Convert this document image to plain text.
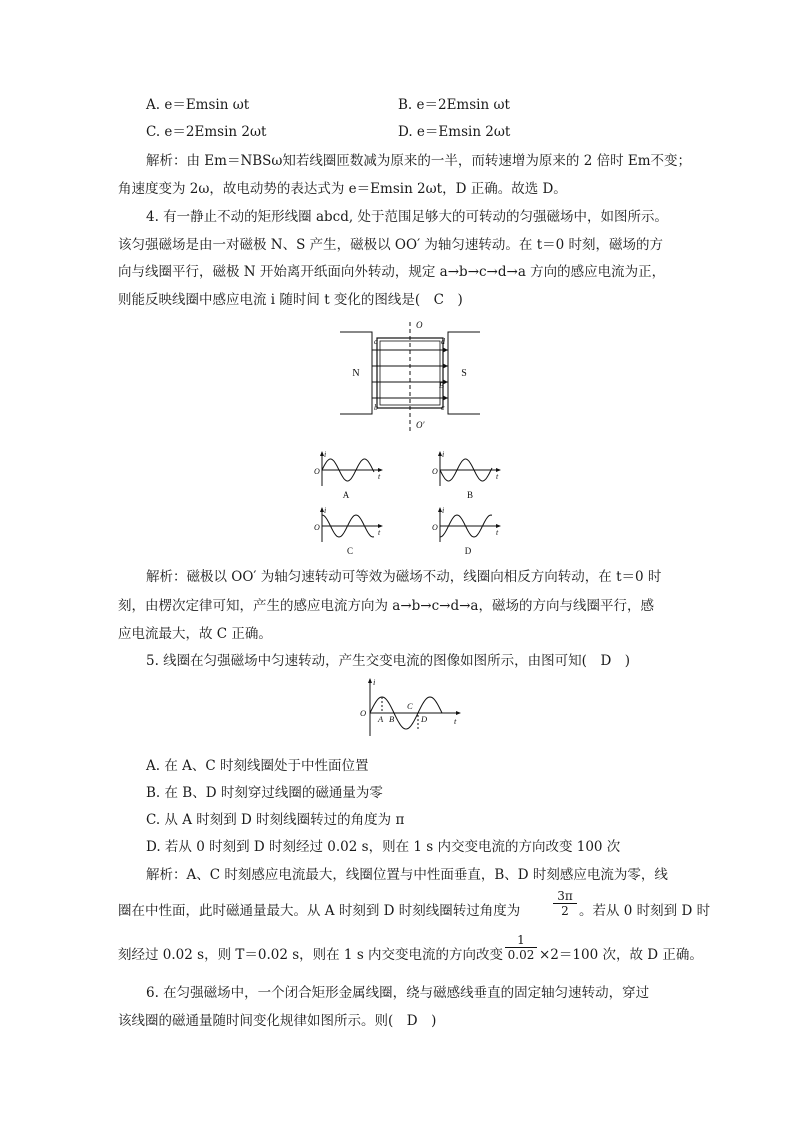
A. e＝Emsin ωt	B. e＝2Emsin ωt
C. e＝2Emsin 2ωt	D. e＝Emsin 2ωt
解析：由 Em＝NBSω知若线圈匝数减为原来的一半，而转速增为原来的 2 倍时 Em不变；
角速度变为 2ω，故电动势的表达式为 e＝Emsin 2ωt，D 正确。故选 D。
4. 有一静止不动的矩形线圈 abcd, 处于范围足够大的可转动的匀强磁场中，如图所示。
该匀强磁场是由一对磁极 N、S 产生，磁极以 OO′ 为轴匀速转动。在 t＝0 时刻，磁场的方
向与线圈平行，磁极 N 开始离开纸面向外转动，规定 a→b→c→d→a 方向的感应电流为正，
则能反映线圈中感应电流 i 随时间 t 变化的图线是(　C　)
N	S
O
O′
a
b	c
d
B
i
t
O
A
i
t
O
B
i
t
O
C
i
t
O
D
解析：磁极以 OO′ 为轴匀速转动可等效为磁场不动，线圈向相反方向转动，在 t＝0 时
刻，由楞次定律可知，产生的感应电流方向为 a→b→c→d→a，磁场的方向与线圈平行，感
应电流最大，故 C 正确。
5. 线圈在匀强磁场中匀速转动，产生交变电流的图像如图所示，由图可知(　D　)
i
t
O
A B
C
D
A. 在 A、C 时刻线圈处于中性面位置
B. 在 B、D 时刻穿过线圈的磁通量为零
C. 从 A 时刻到 D 时刻线圈转过的角度为 π
D. 若从 0 时刻到 D 时刻经过 0.02 s，则在 1 s 内交变电流的方向改变 100 次
解析：A、C 时刻感应电流最大，线圈位置与中性面垂直，B、D 时刻感应电流为零，线
圈在中性面，此时磁通量最大。从 A 时刻到 D 时刻线圈转过角度为	$\frac{3\pi}{2}$ 。若从 0 时刻到 D 时
刻经过 0.02 s，则 T＝0.02 s，则在 1 s 内交变电流的方向改变 $\frac{1}{0.02} \times 2=100$ 次，故 D 正确。
6. 在匀强磁场中，一个闭合矩形金属线圈，绕与磁感线垂直的固定轴匀速转动，穿过
该线圈的磁通量随时间变化规律如图所示。则(　D　)
